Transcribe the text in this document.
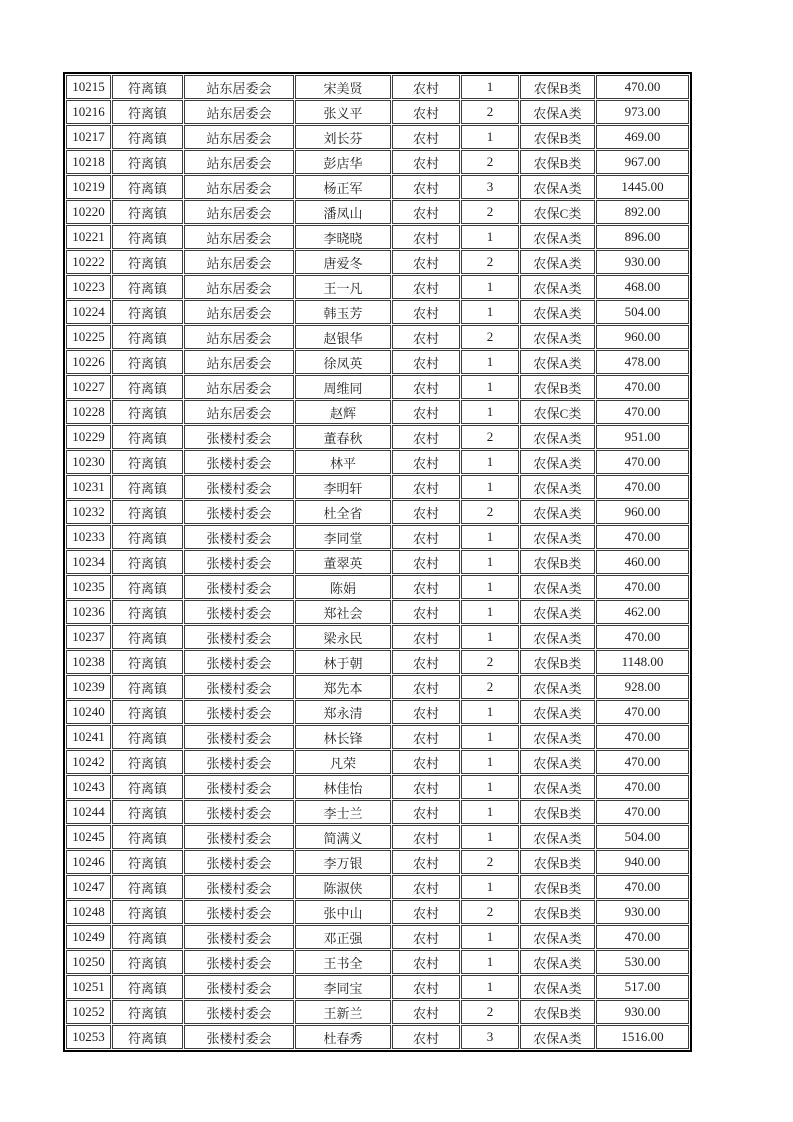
10215	符离镇	站东居委会	宋美贤	农村	1	农保B类	470.00
10216	符离镇	站东居委会	张义平	农村	2	农保A类	973.00
10217	符离镇	站东居委会	刘长芬	农村	1	农保B类	469.00
10218	符离镇	站东居委会	彭店华	农村	2	农保B类	967.00
10219	符离镇	站东居委会	杨正军	农村	3	农保A类	1445.00
10220	符离镇	站东居委会	潘凤山	农村	2	农保C类	892.00
10221	符离镇	站东居委会	李晓晓	农村	1	农保A类	896.00
10222	符离镇	站东居委会	唐爱冬	农村	2	农保A类	930.00
10223	符离镇	站东居委会	王一凡	农村	1	农保A类	468.00
10224	符离镇	站东居委会	韩玉芳	农村	1	农保A类	504.00
10225	符离镇	站东居委会	赵银华	农村	2	农保A类	960.00
10226	符离镇	站东居委会	徐凤英	农村	1	农保A类	478.00
10227	符离镇	站东居委会	周维同	农村	1	农保B类	470.00
10228	符离镇	站东居委会	赵辉	农村	1	农保C类	470.00
10229	符离镇	张楼村委会	董春秋	农村	2	农保A类	951.00
10230	符离镇	张楼村委会	林平	农村	1	农保A类	470.00
10231	符离镇	张楼村委会	李明轩	农村	1	农保A类	470.00
10232	符离镇	张楼村委会	杜全省	农村	2	农保A类	960.00
10233	符离镇	张楼村委会	李同堂	农村	1	农保A类	470.00
10234	符离镇	张楼村委会	董翠英	农村	1	农保B类	460.00
10235	符离镇	张楼村委会	陈娟	农村	1	农保A类	470.00
10236	符离镇	张楼村委会	郑社会	农村	1	农保A类	462.00
10237	符离镇	张楼村委会	梁永民	农村	1	农保A类	470.00
10238	符离镇	张楼村委会	林于朝	农村	2	农保B类	1148.00
10239	符离镇	张楼村委会	郑先本	农村	2	农保A类	928.00
10240	符离镇	张楼村委会	郑永清	农村	1	农保A类	470.00
10241	符离镇	张楼村委会	林长锋	农村	1	农保A类	470.00
10242	符离镇	张楼村委会	凡荣	农村	1	农保A类	470.00
10243	符离镇	张楼村委会	林佳怡	农村	1	农保A类	470.00
10244	符离镇	张楼村委会	李士兰	农村	1	农保B类	470.00
10245	符离镇	张楼村委会	简满义	农村	1	农保A类	504.00
10246	符离镇	张楼村委会	李万银	农村	2	农保B类	940.00
10247	符离镇	张楼村委会	陈淑侠	农村	1	农保B类	470.00
10248	符离镇	张楼村委会	张中山	农村	2	农保B类	930.00
10249	符离镇	张楼村委会	邓正强	农村	1	农保A类	470.00
10250	符离镇	张楼村委会	王书全	农村	1	农保A类	530.00
10251	符离镇	张楼村委会	李同宝	农村	1	农保A类	517.00
10252	符离镇	张楼村委会	王新兰	农村	2	农保B类	930.00
10253	符离镇	张楼村委会	杜春秀	农村	3	农保A类	1516.00
